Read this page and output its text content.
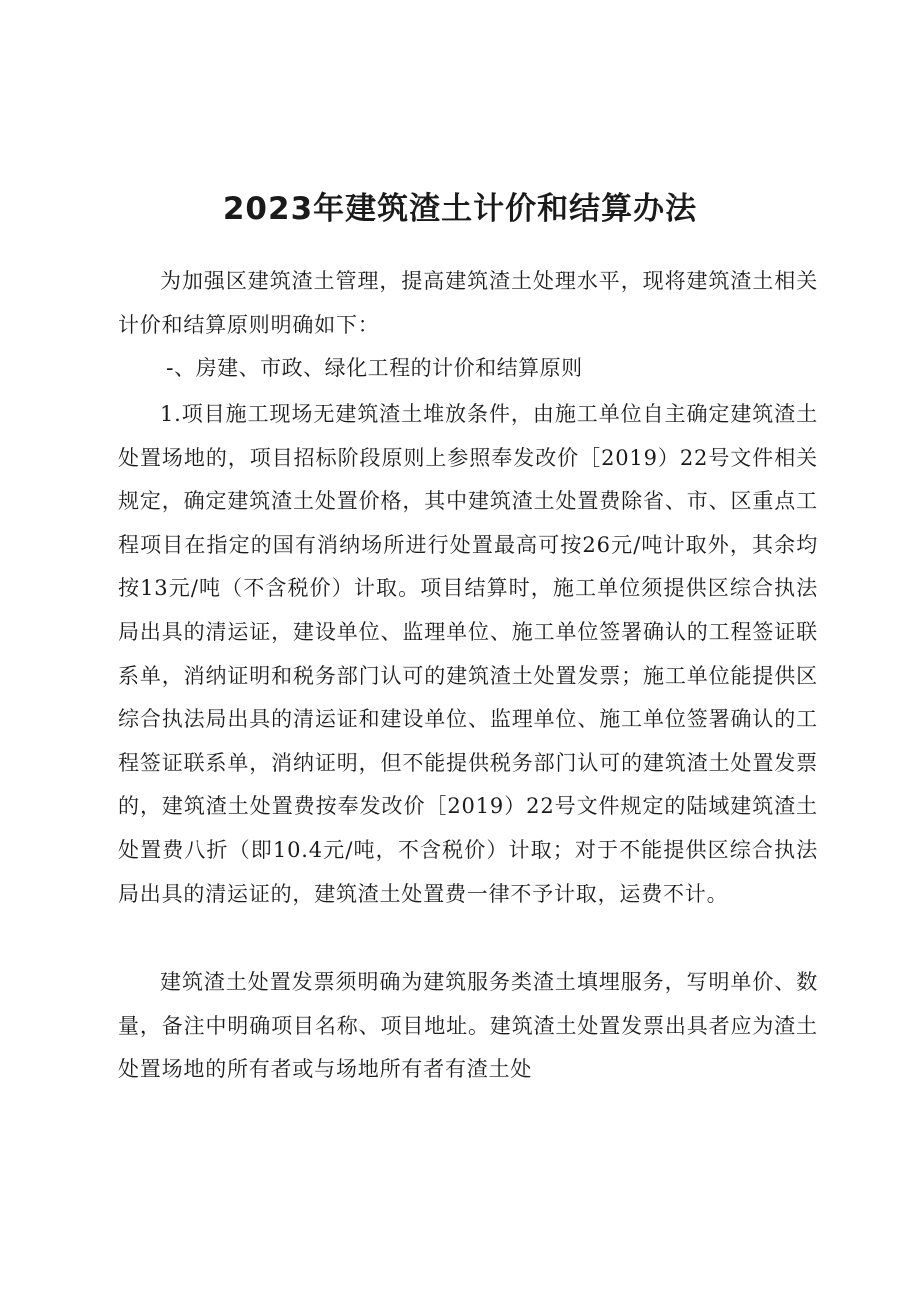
2023年建筑渣土计价和结算办法

为加强区建筑渣土管理，提高建筑渣土处理水平，现将建筑渣土相关计价和结算原则明确如下：

-、房建、市政、绿化工程的计价和结算原则

1.项目施工现场无建筑渣土堆放条件，由施工单位自主确定建筑渣土处置场地的，项目招标阶段原则上参照奉发改价［2019）22号文件相关规定，确定建筑渣土处置价格，其中建筑渣土处置费除省、市、区重点工程项目在指定的国有消纳场所进行处置最高可按26元/吨计取外，其余均按13元/吨（不含税价）计取。项目结算时，施工单位须提供区综合执法局出具的清运证，建设单位、监理单位、施工单位签署确认的工程签证联系单，消纳证明和税务部门认可的建筑渣土处置发票；施工单位能提供区综合执法局出具的清运证和建设单位、监理单位、施工单位签署确认的工程签证联系单，消纳证明，但不能提供税务部门认可的建筑渣土处置发票的，建筑渣土处置费按奉发改价［2019）22号文件规定的陆域建筑渣土处置费八折（即10.4元/吨，不含税价）计取；对于不能提供区综合执法局出具的清运证的，建筑渣土处置费一律不予计取，运费不计。

建筑渣土处置发票须明确为建筑服务类渣土填埋服务，写明单价、数量，备注中明确项目名称、项目地址。建筑渣土处置发票出具者应为渣土处置场地的所有者或与场地所有者有渣土处
